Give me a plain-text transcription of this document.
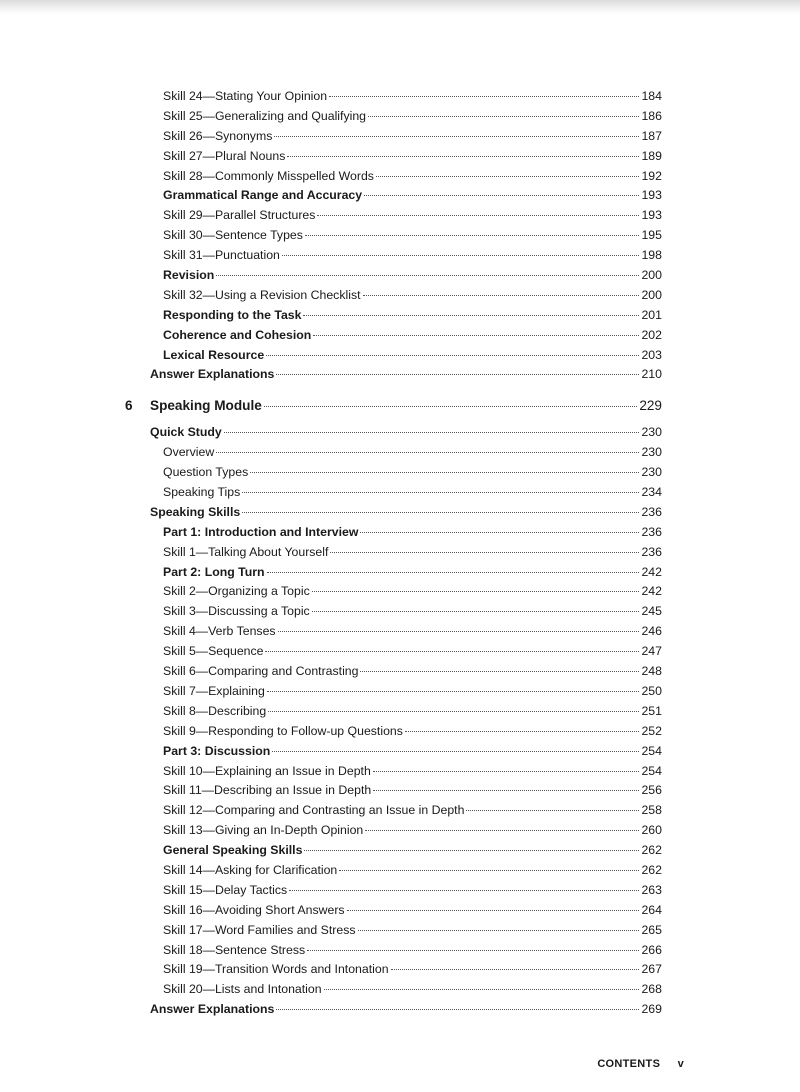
Skill 24—Stating Your Opinion	184
Skill 25—Generalizing and Qualifying	186
Skill 26—Synonyms	187
Skill 27—Plural Nouns	189
Skill 28—Commonly Misspelled Words	192
Grammatical Range and Accuracy	193
Skill 29—Parallel Structures	193
Skill 30—Sentence Types	195
Skill 31—Punctuation	198
Revision	200
Skill 32—Using a Revision Checklist	200
Responding to the Task	201
Coherence and Cohesion	202
Lexical Resource	203
Answer Explanations	210
6 Speaking Module	229
Quick Study	230
Overview	230
Question Types	230
Speaking Tips	234
Speaking Skills	236
Part 1: Introduction and Interview	236
Skill 1—Talking About Yourself	236
Part 2: Long Turn	242
Skill 2—Organizing a Topic	242
Skill 3—Discussing a Topic	245
Skill 4—Verb Tenses	246
Skill 5—Sequence	247
Skill 6—Comparing and Contrasting	248
Skill 7—Explaining	250
Skill 8—Describing	251
Skill 9—Responding to Follow-up Questions	252
Part 3: Discussion	254
Skill 10—Explaining an Issue in Depth	254
Skill 11—Describing an Issue in Depth	256
Skill 12—Comparing and Contrasting an Issue in Depth	258
Skill 13—Giving an In-Depth Opinion	260
General Speaking Skills	262
Skill 14—Asking for Clarification	262
Skill 15—Delay Tactics	263
Skill 16—Avoiding Short Answers	264
Skill 17—Word Families and Stress	265
Skill 18—Sentence Stress	266
Skill 19—Transition Words and Intonation	267
Skill 20—Lists and Intonation	268
Answer Explanations	269
CONTENTS v
